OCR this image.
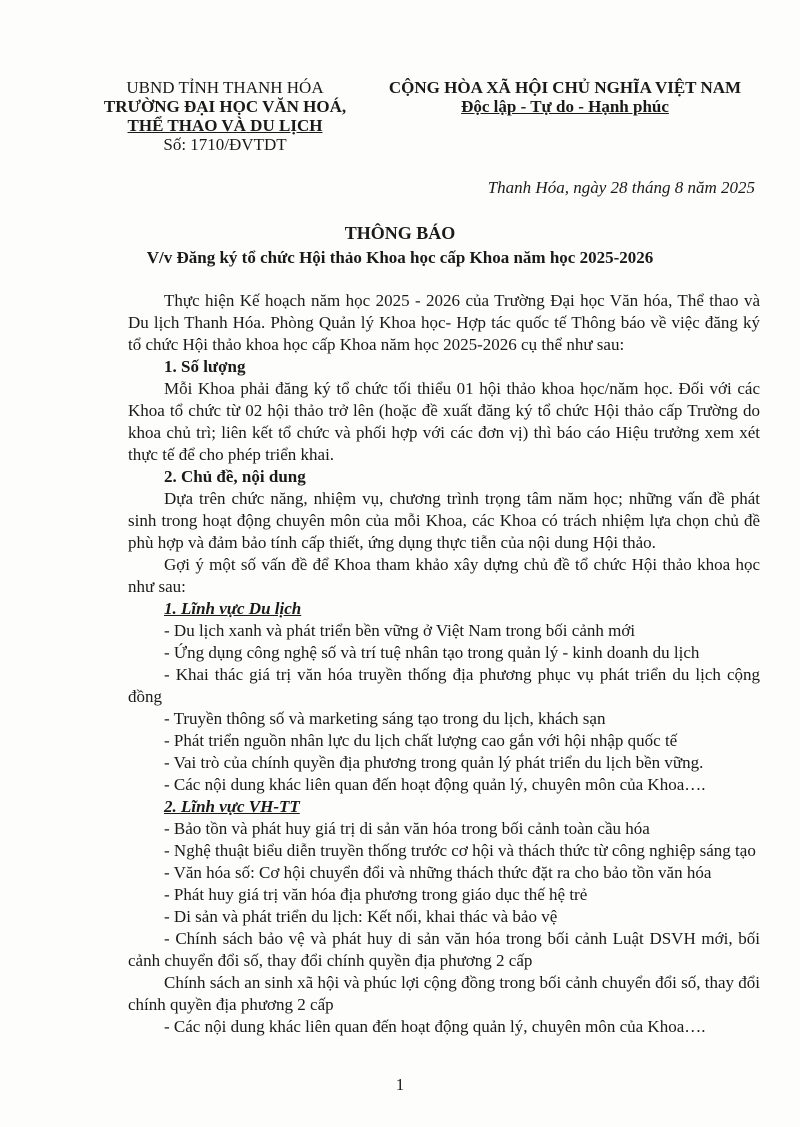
UBND TỈNH THANH HÓA
TRƯỜNG ĐẠI HỌC VĂN HOÁ,
THỂ THAO VÀ DU LỊCH
Số: 1710/ĐVTDT
CỘNG HÒA XÃ HỘI CHỦ NGHĨA VIỆT NAM
Độc lập - Tự do - Hạnh phúc
Thanh Hóa, ngày 28 tháng 8 năm 2025
THÔNG BÁO
V/v Đăng ký tổ chức Hội thảo Khoa học cấp Khoa năm học 2025-2026

Thực hiện Kế hoạch năm học 2025 - 2026 của Trường Đại học Văn hóa, Thể thao và Du lịch Thanh Hóa. Phòng Quản lý Khoa học- Hợp tác quốc tế Thông báo về việc đăng ký tổ chức Hội thảo khoa học cấp Khoa năm học 2025-2026 cụ thể như sau:

1. Số lượng

Mỗi Khoa phải đăng ký tổ chức tối thiểu 01 hội thảo khoa học/năm học. Đối với các Khoa tổ chức từ 02 hội thảo trở lên (hoặc đề xuất đăng ký tổ chức Hội thảo cấp Trường do khoa chủ trì; liên kết tổ chức và phối hợp với các đơn vị) thì báo cáo Hiệu trưởng xem xét thực tế để cho phép triển khai.

2. Chủ đề, nội dung

Dựa trên chức năng, nhiệm vụ, chương trình trọng tâm năm học; những vấn đề phát sinh trong hoạt động chuyên môn của mỗi Khoa, các Khoa có trách nhiệm lựa chọn chủ đề phù hợp và đảm bảo tính cấp thiết, ứng dụng thực tiễn của nội dung Hội thảo.

Gợi ý một số vấn đề để Khoa tham khảo xây dựng chủ đề tổ chức Hội thảo khoa học như sau:

1. Lĩnh vực Du lịch

- Du lịch xanh và phát triển bền vững ở Việt Nam trong bối cảnh mới

- Ứng dụng công nghệ số và trí tuệ nhân tạo trong quản lý - kinh doanh du lịch

- Khai thác giá trị văn hóa truyền thống địa phương phục vụ phát triển du lịch cộng đồng

- Truyền thông số và marketing sáng tạo trong du lịch, khách sạn

- Phát triển nguồn nhân lực du lịch chất lượng cao gắn với hội nhập quốc tế

- Vai trò của chính quyền địa phương trong quản lý phát triển du lịch bền vững.

- Các nội dung khác liên quan đến hoạt động quản lý, chuyên môn của Khoa….

2. Lĩnh vực VH-TT

- Bảo tồn và phát huy giá trị di sản văn hóa trong bối cảnh toàn cầu hóa

- Nghệ thuật biểu diễn truyền thống trước cơ hội và thách thức từ công nghiệp sáng tạo

- Văn hóa số: Cơ hội chuyển đổi và những thách thức đặt ra cho bảo tồn văn hóa

- Phát huy giá trị văn hóa địa phương trong giáo dục thế hệ trẻ

- Di sản và phát triển du lịch: Kết nối, khai thác và bảo vệ

- Chính sách bảo vệ và phát huy di sản văn hóa trong bối cảnh Luật DSVH mới, bối cảnh chuyển đổi số, thay đổi chính quyền địa phương 2 cấp

Chính sách an sinh xã hội và phúc lợi cộng đồng trong bối cảnh chuyển đổi số, thay đổi chính quyền địa phương 2 cấp

- Các nội dung khác liên quan đến hoạt động quản lý, chuyên môn của Khoa….

1
